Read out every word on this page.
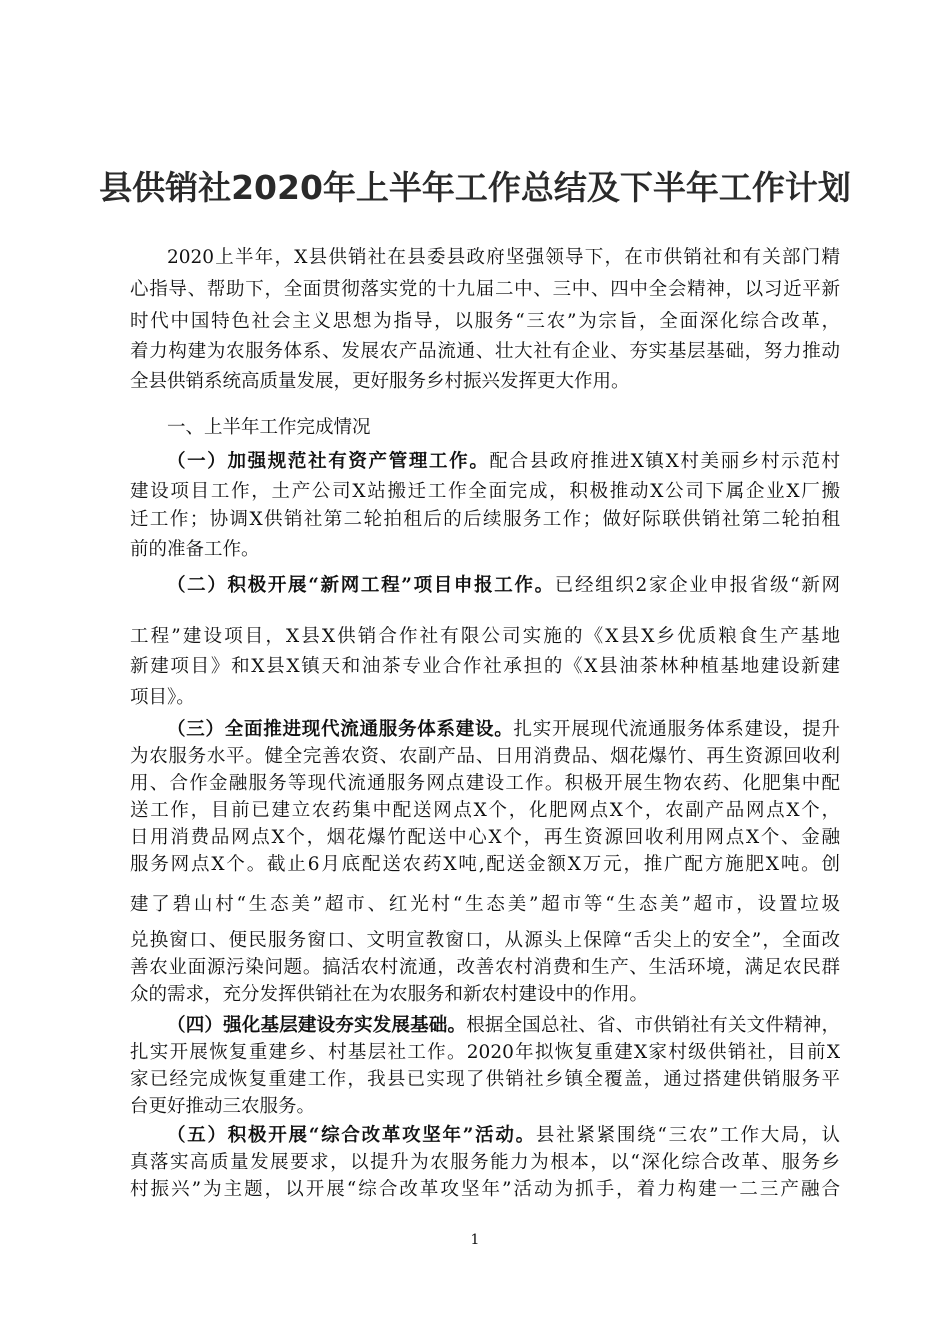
县供销社2020年上半年工作总结及下半年工作计划
2020上半年，X县供销社在县委县政府坚强领导下，在市供销社和有关部门精
心指导、帮助下，全面贯彻落实党的十九届二中、三中、四中全会精神，以习近平新
时代中国特色社会主义思想为指导，以服务“三农”为宗旨，全面深化综合改革，
着力构建为农服务体系、发展农产品流通、壮大社有企业、夯实基层基础，努力推动
全县供销系统高质量发展，更好服务乡村振兴发挥更大作用。

一、上半年工作完成情况

（一）加强规范社有资产管理工作。配合县政府推进X镇X村美丽乡村示范村
建设项目工作，土产公司X站搬迁工作全面完成，积极推动X公司下属企业X厂搬
迁工作；协调X供销社第二轮拍租后的后续服务工作；做好际联供销社第二轮拍租
前的准备工作。
（二）积极开展“新网工程”项目申报工作。已经组织2家企业申报省级“新网
工程”建设项目，X县X供销合作社有限公司实施的《X县X乡优质粮食生产基地
新建项目》和X县X镇天和油茶专业合作社承担的《X县油茶林种植基地建设新建
项目》。
（三）全面推进现代流通服务体系建设。扎实开展现代流通服务体系建设，提升
为农服务水平。健全完善农资、农副产品、日用消费品、烟花爆竹、再生资源回收利
用、合作金融服务等现代流通服务网点建设工作。积极开展生物农药、化肥集中配
送工作，目前已建立农药集中配送网点X个，化肥网点X个，农副产品网点X个，
日用消费品网点X个，烟花爆竹配送中心X个，再生资源回收利用网点X个、金融
服务网点X个。截止6月底配送农药X吨,配送金额X万元，推广配方施肥X吨。创
建了碧山村“生态美”超市、红光村“生态美”超市等“生态美”超市，设置垃圾
兑换窗口、便民服务窗口、文明宣教窗口，从源头上保障“舌尖上的安全”，全面改
善农业面源污染问题。搞活农村流通，改善农村消费和生产、生活环境，满足农民群
众的需求，充分发挥供销社在为农服务和新农村建设中的作用。
（四）强化基层建设夯实发展基础。根据全国总社、省、市供销社有关文件精神，
扎实开展恢复重建乡、村基层社工作。2020年拟恢复重建X家村级供销社，目前X
家已经完成恢复重建工作，我县已实现了供销社乡镇全覆盖，通过搭建供销服务平
台更好推动三农服务。
（五）积极开展“综合改革攻坚年”活动。县社紧紧围绕“三农”工作大局，认
真落实高质量发展要求，以提升为农服务能力为根本，以“深化综合改革、服务乡
村振兴”为主题，以开展“综合改革攻坚年”活动为抓手，着力构建一二三产融合
1
